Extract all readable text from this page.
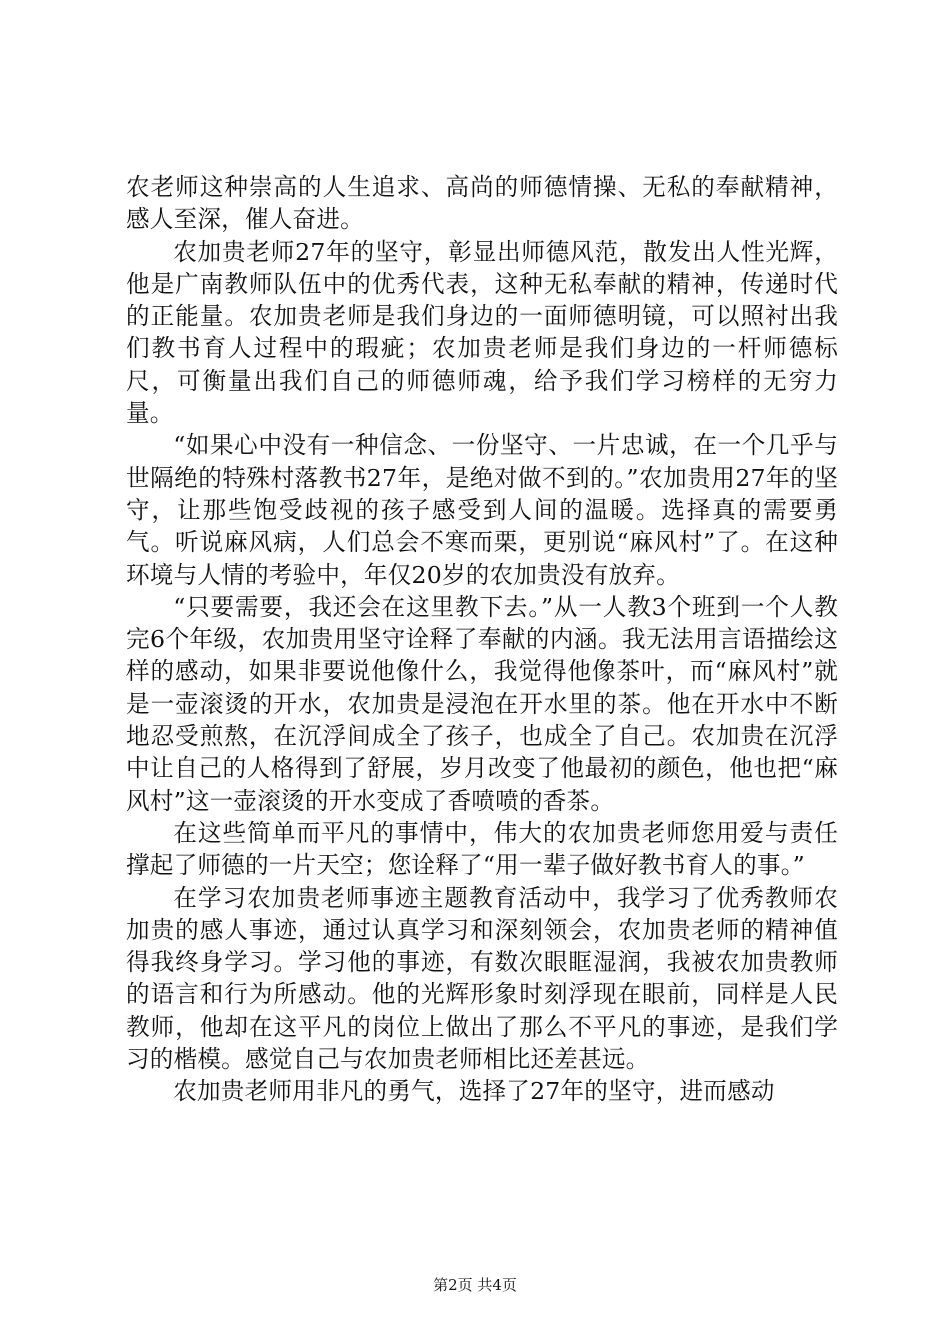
农老师这种崇高的人生追求、高尚的师德情操、无私的奉献精神，感人至深，催人奋进。

农加贵老师27年的坚守，彰显出师德风范，散发出人性光辉，他是广南教师队伍中的优秀代表，这种无私奉献的精神，传递时代的正能量。农加贵老师是我们身边的一面师德明镜，可以照衬出我们教书育人过程中的瑕疵；农加贵老师是我们身边的一杆师德标尺，可衡量出我们自己的师德师魂，给予我们学习榜样的无穷力量。

“如果心中没有一种信念、一份坚守、一片忠诚，在一个几乎与世隔绝的特殊村落教书27年，是绝对做不到的。”农加贵用27年的坚守，让那些饱受歧视的孩子感受到人间的温暖。选择真的需要勇气。听说麻风病，人们总会不寒而栗，更别说“麻风村”了。在这种环境与人情的考验中，年仅20岁的农加贵没有放弃。

“只要需要，我还会在这里教下去。”从一人教3个班到一个人教完6个年级，农加贵用坚守诠释了奉献的内涵。我无法用言语描绘这样的感动，如果非要说他像什么，我觉得他像茶叶，而“麻风村”就是一壶滚烫的开水，农加贵是浸泡在开水里的茶。他在开水中不断地忍受煎熬，在沉浮间成全了孩子，也成全了自己。农加贵在沉浮中让自己的人格得到了舒展，岁月改变了他最初的颜色，他也把“麻风村”这一壶滚烫的开水变成了香喷喷的香茶。

在这些简单而平凡的事情中，伟大的农加贵老师您用爱与责任撑起了师德的一片天空；您诠释了“用一辈子做好教书育人的事。”

在学习农加贵老师事迹主题教育活动中，我学习了优秀教师农加贵的感人事迹，通过认真学习和深刻领会，农加贵老师的精神值得我终身学习。学习他的事迹，有数次眼眶湿润，我被农加贵教师的语言和行为所感动。他的光辉形象时刻浮现在眼前，同样是人民教师，他却在这平凡的岗位上做出了那么不平凡的事迹，是我们学习的楷模。感觉自己与农加贵老师相比还差甚远。

农加贵老师用非凡的勇气，选择了27年的坚守，进而感动

第2页 共4页
